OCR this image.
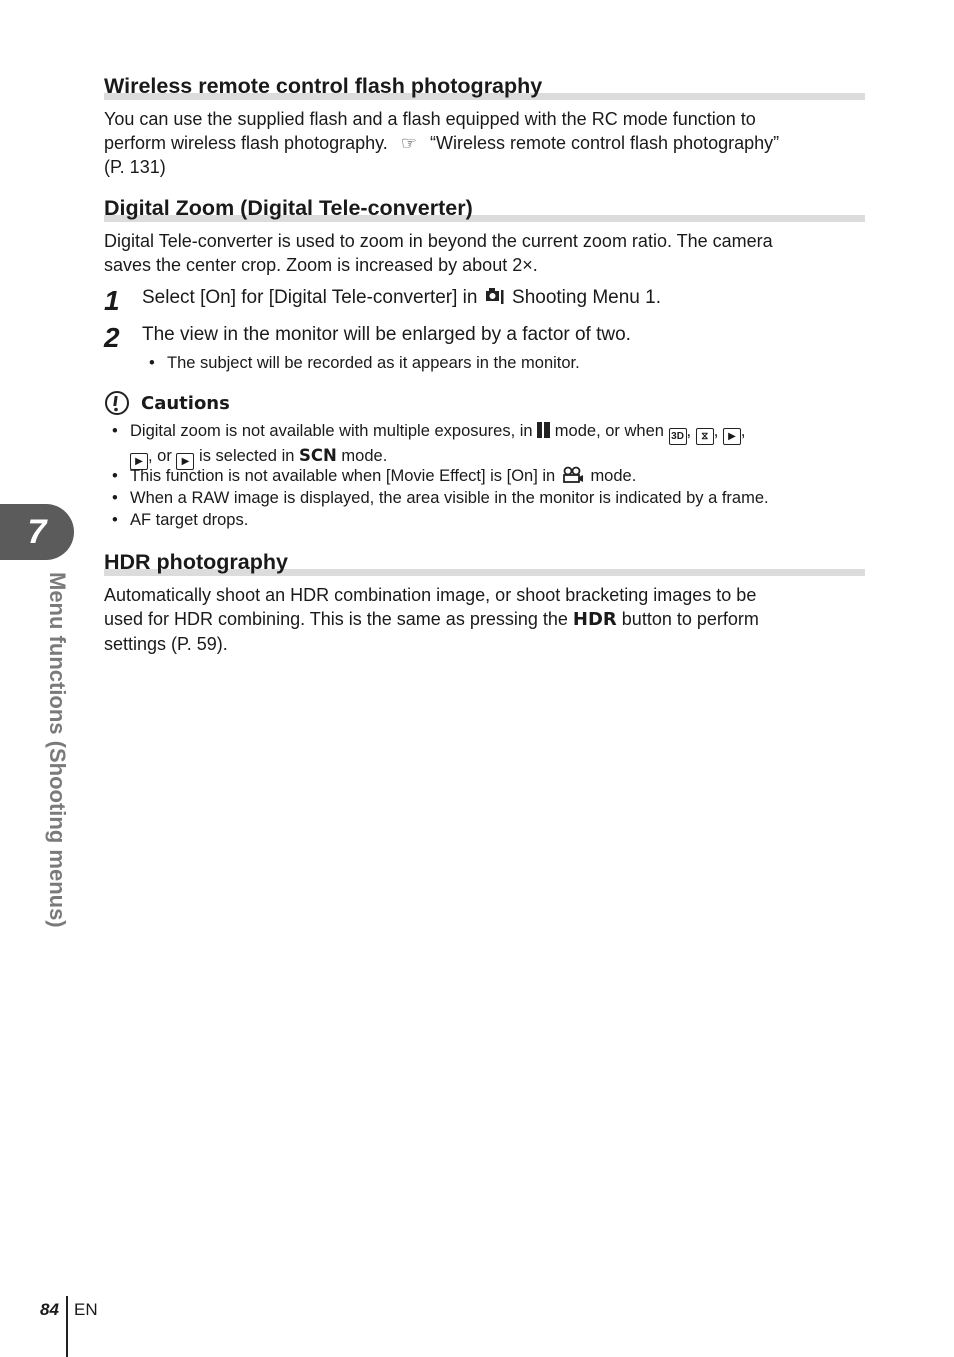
Wireless remote control flash photography
You can use the supplied flash and a flash equipped with the RC mode function to
perform wireless flash photography. ☞ “Wireless remote control flash photography”
(P. 131)
Digital Zoom (Digital Tele-converter)
Digital Tele-converter is used to zoom in beyond the current zoom ratio. The camera
saves the center crop. Zoom is increased by about 2×.
1 Select [On] for [Digital Tele-converter] in Shooting Menu 1.
2 The view in the monitor will be enlarged by a factor of two.
• The subject will be recorded as it appears in the monitor.
Cautions
• Digital zoom is not available with multiple exposures, in mode, or when 3D , ⧖ , ▶ ,
▶ , or ▶ is selected in SCN mode.
• This function is not available when [Movie Effect] is [On] in mode.
• When a RAW image is displayed, the area visible in the monitor is indicated by a frame.
• AF target drops.
HDR photography
Automatically shoot an HDR combination image, or shoot bracketing images to be
used for HDR combining. This is the same as pressing the HDR button to perform
settings (P. 59).
7
Menu functions (Shooting menus)
84 EN
